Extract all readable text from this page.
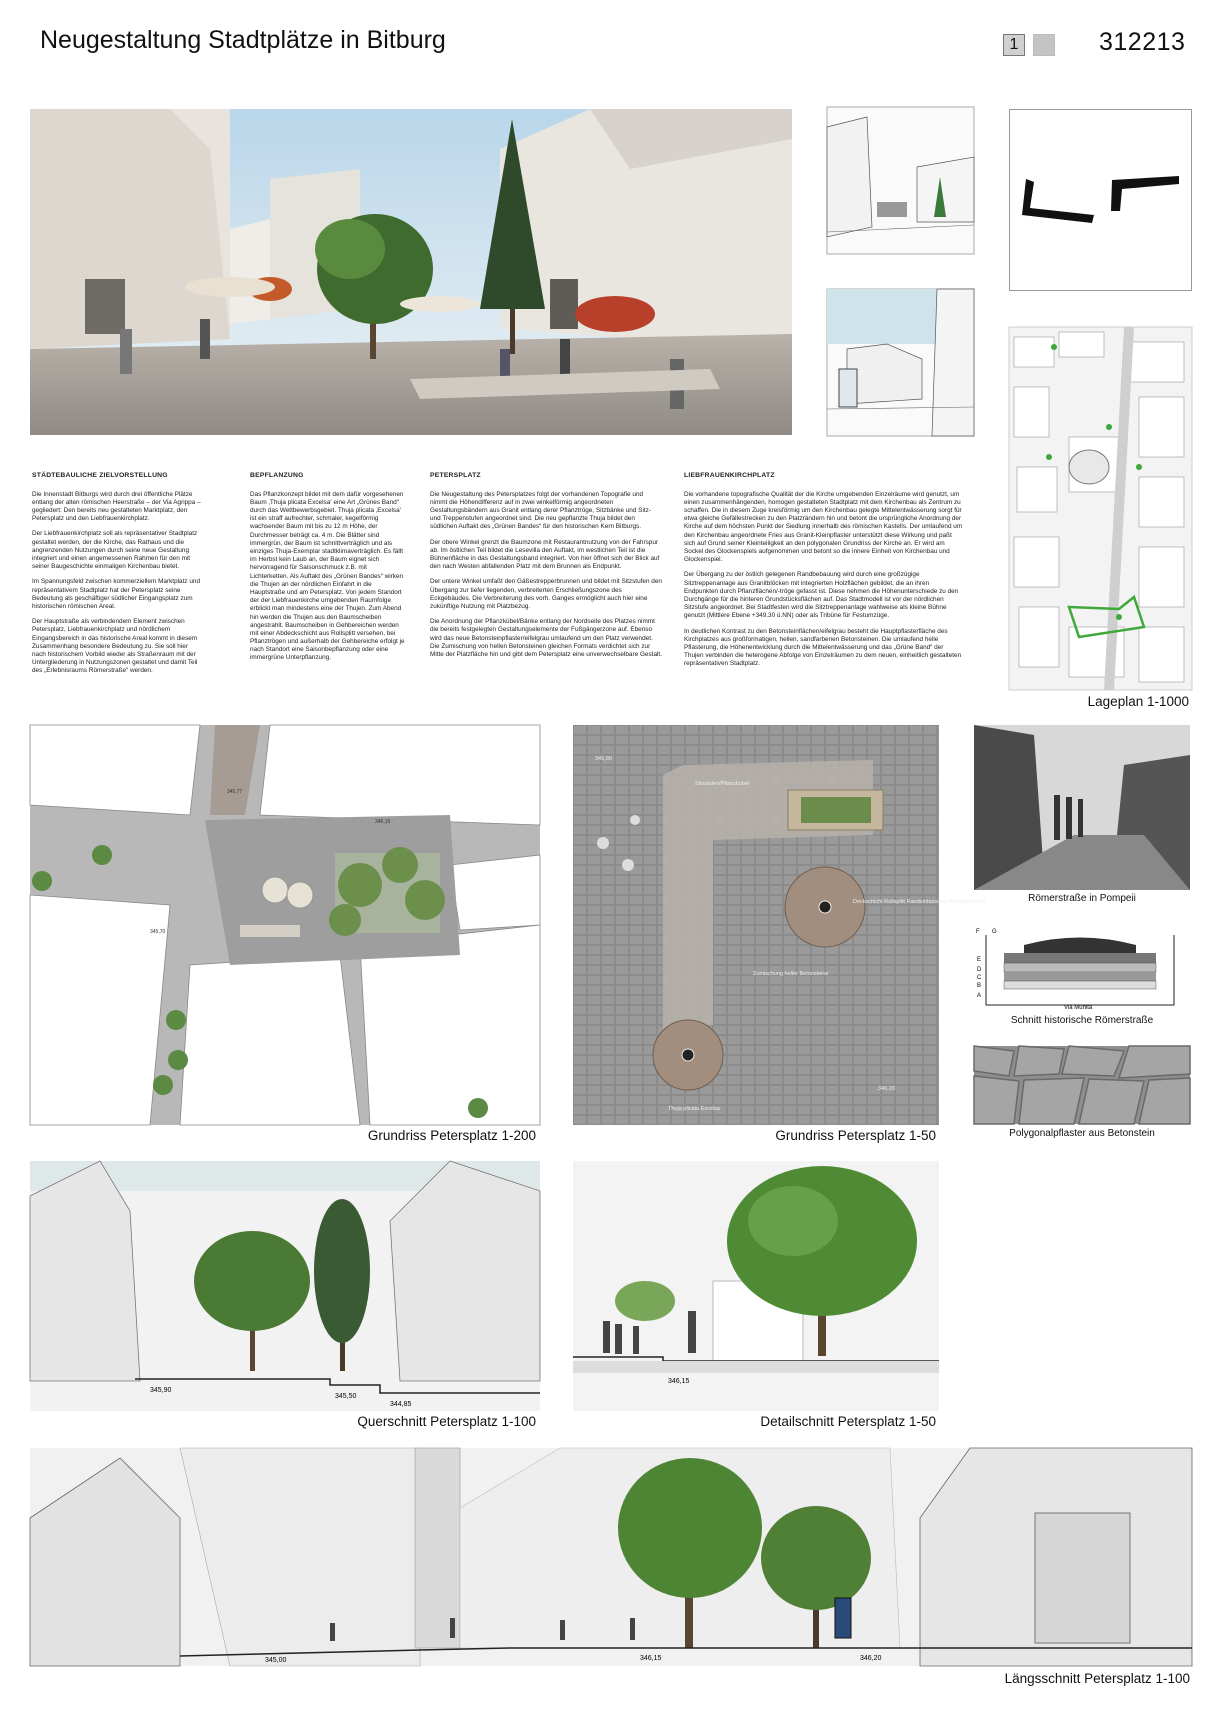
Neugestaltung Stadtplätze in Bitburg	1	312213
Lageplan 1-1000
STÄDTEBAULICHE ZIELVORSTELLUNG

Die Innenstadt Bitburgs wird durch drei öffentliche Plätze entlang der alten römischen Heerstraße – der Via Agrippa – gegliedert: Den bereits neu gestalteten Marktplatz, den Petersplatz und den Liebfrauenkirchplatz.

Der Liebfrauenkirchplatz soll als repräsentativer Stadtplatz gestaltet werden, der die Kirche, das Rathaus und die angrenzenden Nutzungen durch seine neue Gestaltung integriert und einen angemessenen Rahmen für den mit seiner Baugeschichte einmaligen Kirchenbau bietet.

Im Spannungsfeld zwischen kommerziellem Marktplatz und repräsentativem Stadtplatz hat der Petersplatz seine Bedeutung als geschäftiger südlicher Eingangsplatz zum historischen römischen Areal.

Der Hauptstraße als verbindendem Element zwischen Petersplatz, Liebfrauenkirchplatz und nördlichem Eingangsbereich in das historische Areal kommt in diesem Zusammenhang besondere Bedeutung zu. Sie soll hier nach historischem Vorbild wieder als Straßenraum mit der Untergliederung in Nutzungszonen gestaltet und damit Teil des „Erlebnisraums Römerstraße“ werden.

BEPFLANZUNG

Das Pflanzkonzept bildet mit dem dafür vorgesehenen Baum ‚Thuja plicata Excelsa‘ eine Art „Grünes Band“ durch das Wettbewerbsgebiet. Thuja plicata ‚Excelsa‘ ist ein straff aufrechter, schmaler, kegelförmig wachsender Baum mit bis zu 12 m Höhe, der Durchmesser beträgt ca. 4 m. Die Blätter sind immergrün, der Baum ist schnittverträglich und als einziges Thuja-Exemplar stadtklimaverträglich. Es fällt im Herbst kein Laub an, der Baum eignet sich hervorragend für Saisonschmuck z.B. mit Lichterketten. Als Auftakt des „Grünen Bandes“ wirken die Thujen an der nördlichen Einfahrt in die Hauptstraße und am Petersplatz. Von jedem Standort der der Liebfrauenkirche umgebenden Raumfolge erblickt man mindestens eine der Thujen. Zum Abend hin werden die Thujen aus den Baumscheiben angestrahlt. Baumscheiben in Gehbereichen werden mit einer Abdeckschicht aus Rollsplitt versehen, bei Pflanztrögen und außerhalb der Gehbereiche erfolgt je nach Standort eine Saisonbepflanzung oder eine immergrüne Unterpflanzung.

PETERSPLATZ

Die Neugestaltung des Petersplatzes folgt der vorhandenen Topografie und nimmt die Höhendifferenz auf in zwei winkelförmig angeordneten Gestaltungsbändern aus Granit entlang derer Pflanztröge, Sitzbänke und Sitz- und Treppenstufen angeordnet sind. Die neu gepflanzte Thuja bildet den südlichen Auftakt des „Grünen Bandes“ für den historischen Kern Bitburgs.

Der obere Winkel grenzt die Baumzone mit Restaurantnutzung von der Fahrspur ab. Im östlichen Teil bildet die Lesevilla den Auftakt, im westlichen Teil ist die Bühnenfläche in das Gestaltungsband integriert. Von hier öffnet sich der Blick auf den nach Westen abfallenden Platz mit dem Brunnen als Endpunkt.

Der untere Winkel umfaßt den Gäßestrepperbrunnen und bildet mit Sitzstufen den Übergang zur tiefer liegenden, verbreiterten Erschließungszone des Eckgebäudes. Die Verbreiterung des vorh. Ganges ermöglicht auch hier eine zukünftige Nutzung mit Platzbezug.

Die Anordnung der Pflanzkübel/Bänke entlang der Nordseite des Platzes nimmt die bereits festgelegten Gestaltungselemente der Fußgängerzone auf. Ebenso wird das neue Betonsteinpflaster/eifelgrau umlaufend um den Platz verwendet. Die Zumischung von hellen Betonsteinen gleichen Formats verdichtet sich zur Mitte der Platzfläche hin und gibt dem Petersplatz eine unverwechselbare Gestalt.

LIEBFRAUENKIRCHPLATZ

Die vorhandene topografische Qualität der die Kirche umgebenden Einzelräume wird genutzt, um einen zusammenhängenden, homogen gestalteten Stadtplatz mit dem Kirchenbau als Zentrum zu schaffen. Die in diesem Zuge kreisförmig um den Kirchenbau gelegte Mittelentwässerung sorgt für etwa gleiche Gefällestrecken zu den Platzrändern hin und betont die ursprüngliche Anordnung der Kirche auf dem höchsten Punkt der Siedlung innerhalb des römischen Kastells. Der umlaufend um den Kirchenbau angeordnete Fries aus Granit-Kleinpflaster unterstützt diese Wirkung und paßt sich auf Grund seiner Kleinteiligkeit an den polygonalen Grundriss der Kirche an. Er wird am Sockel des Glockenspiels aufgenommen und betont so die innere Einheit von Kirchenbau und Glockenspiel.

Der Übergang zu der östlich gelegenen Randbebauung wird durch eine großzügige Sitztreppenanlage aus Granitblöcken mit integrierten Holzflächen gebildet, die an ihren Endpunkten durch Pflanzflächen/-tröge gefasst ist. Diese nehmen die Höhenunterschiede zu den Durchgänge für die hinteren Grundstücksflächen auf. Das Stadtmodell ist vor der nördlichen Sitzstufe angeordnet. Bei Stadtfesten wird die Sitztreppenanlage wahlweise als kleine Bühne genutzt (Mittlere Ebene +349.30 ü.NN) oder als Tribüne für Festumzüge.

In deutlichen Kontrast zu den Betonsteinflächen/eifelgrau besteht die Hauptpflasterfläche des Kirchplatzes aus großformatigen, hellen, sandfarbenen Betonsteinen. Die umlaufend helle Pflasterung, die Höhenentwicklung durch die Mittelentwässerung und das „Grüne Band“ der Thujen verbinden die heterogene Abfolge von Einzelräumen zu dem neuen, einheitlich gestalteten repräsentativen Stadtplatz.

345,77
346,15
345,70
Grundriss Petersplatz 1-200
Deckschicht Rollsplitt Randeinfassung Flachstahlband
Zumischung heller Betonsteine
Thuja plicata Excelsa
Sitzstufen/Pflanzkübel
345,90
346,20
Grundriss Petersplatz 1-50
Römerstraße in Pompeii
F G
E
D
C
B
A
Via Munita
Schnitt historische Römerstraße
Polygonalpflaster aus Betonstein
345,90
345,50
344,85
Querschnitt Petersplatz 1-100
346,15
Detailschnitt Petersplatz 1-50
345,00	346,15	346,20
Längsschnitt Petersplatz 1-100
